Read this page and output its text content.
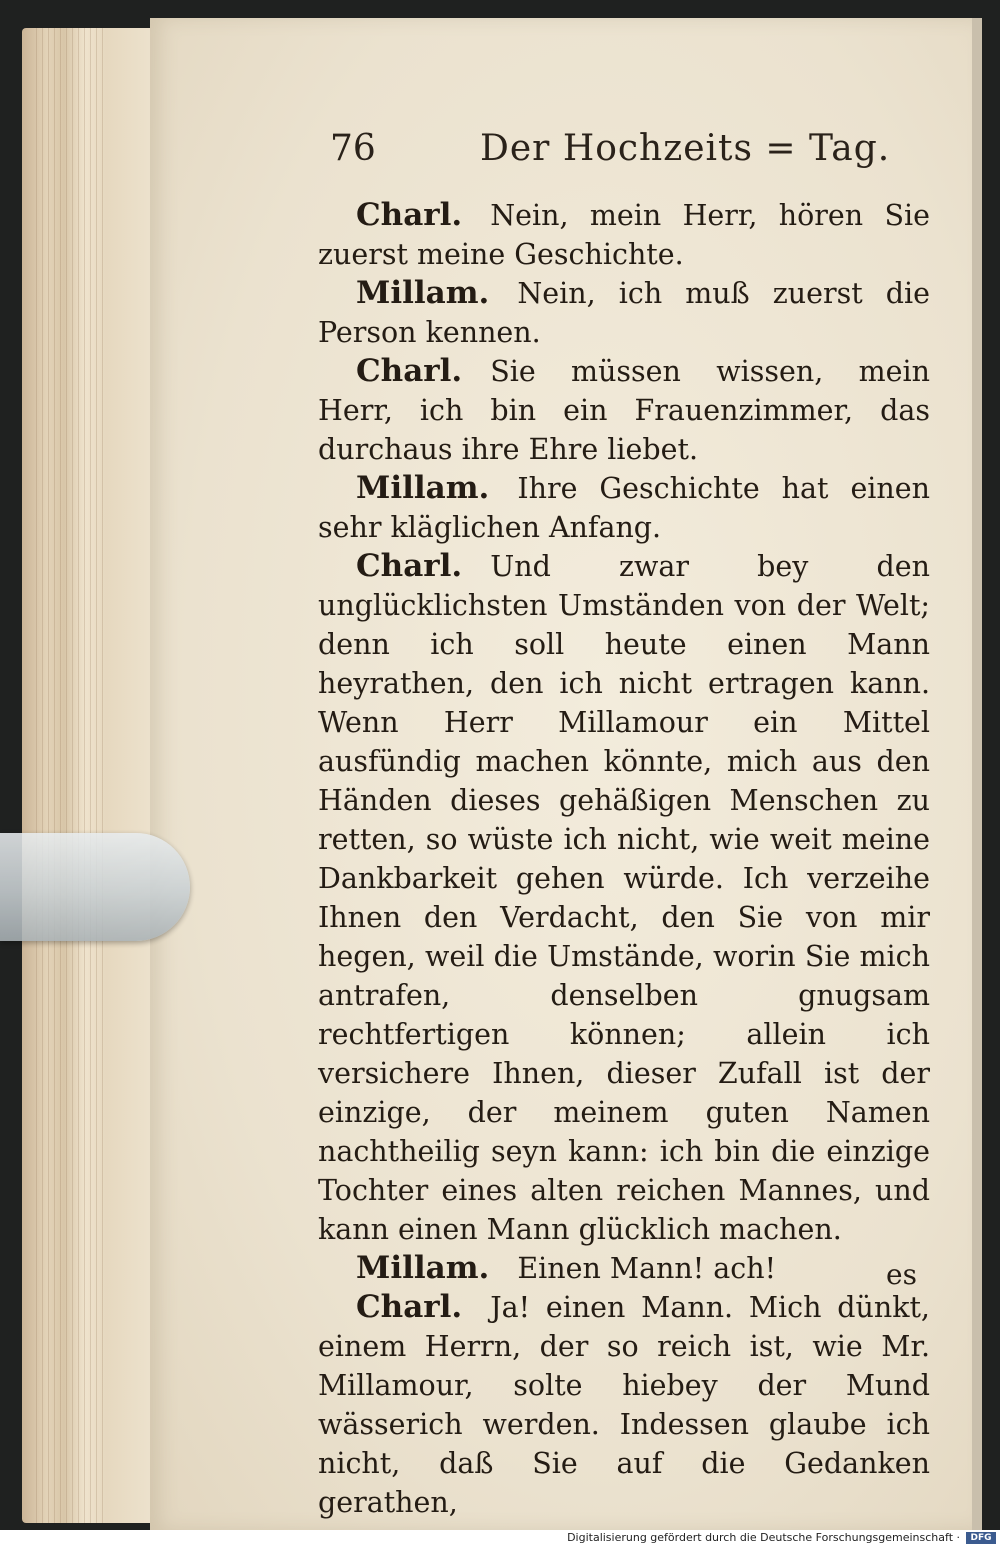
76	Der Hochzeits = Tag.

Charl. Nein, mein Herr, hören Sie zuerst meine Geschichte.

Millam. Nein, ich muß zuerst die Person kennen.

Charl. Sie müssen wissen, mein Herr, ich bin ein Frauenzimmer, das durchaus ihre Ehre liebet.

Millam. Ihre Geschichte hat einen sehr kläglichen Anfang.

Charl. Und zwar bey den unglücklichsten Umständen von der Welt; denn ich soll heute einen Mann heyrathen, den ich nicht ertragen kann. Wenn Herr Millamour ein Mittel ausfündig machen könnte, mich aus den Händen dieses gehäßigen Menschen zu retten, so wüste ich nicht, wie weit meine Dankbarkeit gehen würde. Ich verzeihe Ihnen den Verdacht, den Sie von mir hegen, weil die Umstände, worin Sie mich antrafen, denselben gnugsam rechtfertigen können; allein ich versichere Ihnen, dieser Zufall ist der einzige, der meinem guten Namen nachtheilig seyn kann: ich bin die einzige Tochter eines alten reichen Mannes, und kann einen Mann glücklich machen.

Millam. Einen Mann! ach!

Charl. Ja! einen Mann. Mich dünkt, einem Herrn, der so reich ist, wie Mr. Millamour, solte hiebey der Mund wässerich werden. Indessen glaube ich nicht, daß Sie auf die Gedanken gerathen,

es
Digitalisierung gefördert durch die Deutsche Forschungsgemeinschaft ·	DFG
